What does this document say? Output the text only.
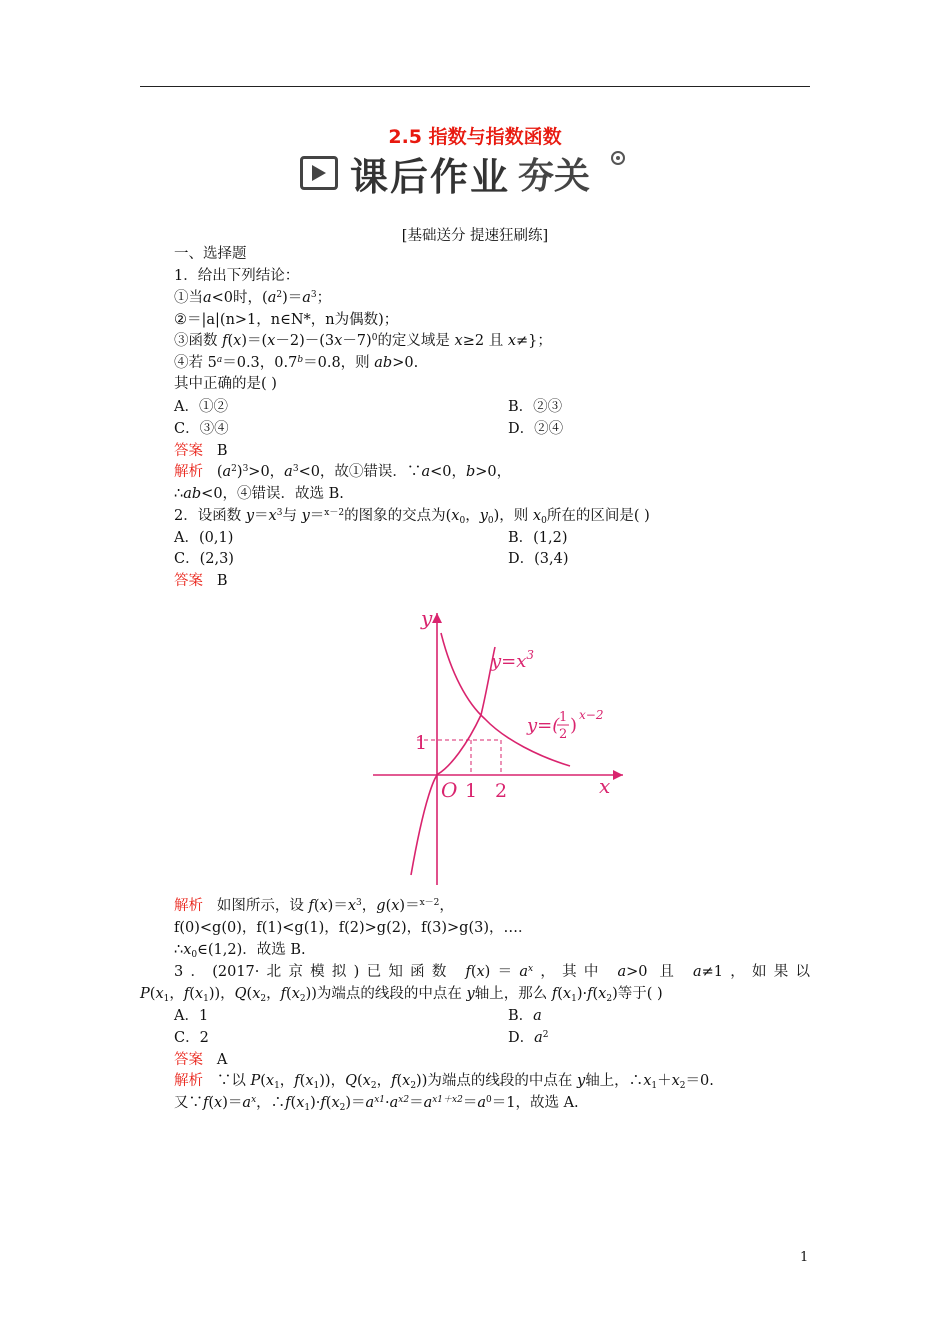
2.5 指数与指数函数
课后作业 夯关
[基础送分 提速狂刷练]
一、选择题
1．给出下列结论：
①当a<0时，$(a^2)=a^3$；
②＝|a|(n>1，n∈N*，n为偶数)；
③函数 $f(x)=(x-2)-(3x-7)^0$的定义域是 x≥2 且 x≠}；
④若 $5^a=0.3$，0.7$^b$＝0.8，则 ab>0.
其中正确的是( )
A．①②	B．②③
C．③④	D．②④
答案 B
解析 $(a^2)^3>0$，$a^3<0$，故①错误．∵a<0，b>0，
∴ab<0，④错误．故选 B.
2．设函数 $y=x^3$与 y＝$^{x-2}$的图象的交点为($x_0$，$y_0$)，则 $x_0$所在的区间是( )
A．(0,1)	B．(1,2)
C．(2,3)	D．(3,4)
答案 B
y
x
O 1 2
1
$y=x^3$
y=( 1
2 ) x−2
解析 如图所示，设 $f(x)=x^3$，g(x)＝$^{x-2}$，
f(0)<g(0)，f(1)<g(1)，f(2)>g(2)，f(3)>g(3)，…．
$\therefore x_0\in(1,2)$．故选 B.
3．(2017·北京模拟)已知函数 $f(x)=a^x$，其中 a>0 且 a≠1，如果以
$P(x_1$，$f(x_1)$)，$Q(x_2$，$f(x_2)$)为端点的线段的中点在 y轴上，那么 $f(x_1)\cdot f(x_2)$等于( )
A．1	B．a
C．2	D．$a^2$
答案 A
解析 ∵以 $P(x_1$，$f(x_1)$)，$Q(x_2$，$f(x_2)$)为端点的线段的中点在 y轴上，$\therefore x_1+x_2=0$.
又$\because f(x)=a^x$，$\therefore f(x_1)\cdot f(x_2)=a^{x1}\cdot a^{x2}=a^{x1+x2}=a^0=1$，故选 A.
1
